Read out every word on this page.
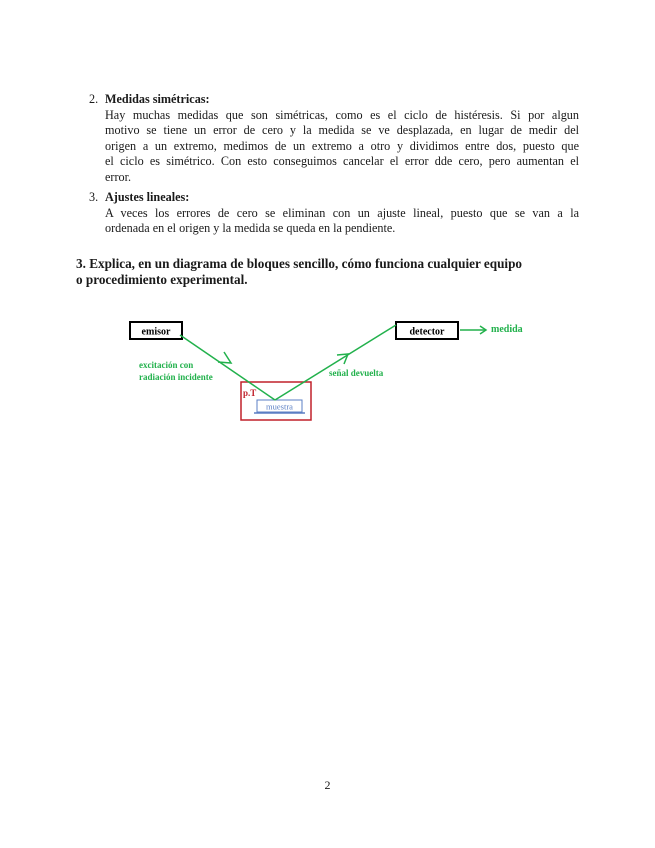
2. Medidas simétricas:
Hay muchas medidas que son simétricas, como es el ciclo de histéresis. Si por algun
motivo se tiene un error de cero y la medida se ve desplazada, en lugar de medir del
origen a un extremo, medimos de un extremo a otro y dividimos entre dos, puesto que
el ciclo es simétrico. Con esto conseguimos cancelar el error dde cero, pero aumentan el
error.
3. Ajustes lineales:
A veces los errores de cero se eliminan con un ajuste lineal, puesto que se van a la
ordenada en el origen y la medida se queda en la pendiente.
3. Explica, en un diagrama de bloques sencillo, cómo funciona cualquier equipo
o procedimiento experimental.
emisor	detector	medida
p.T
muestra
excitación con
radiación incidente	señal devuelta
2
